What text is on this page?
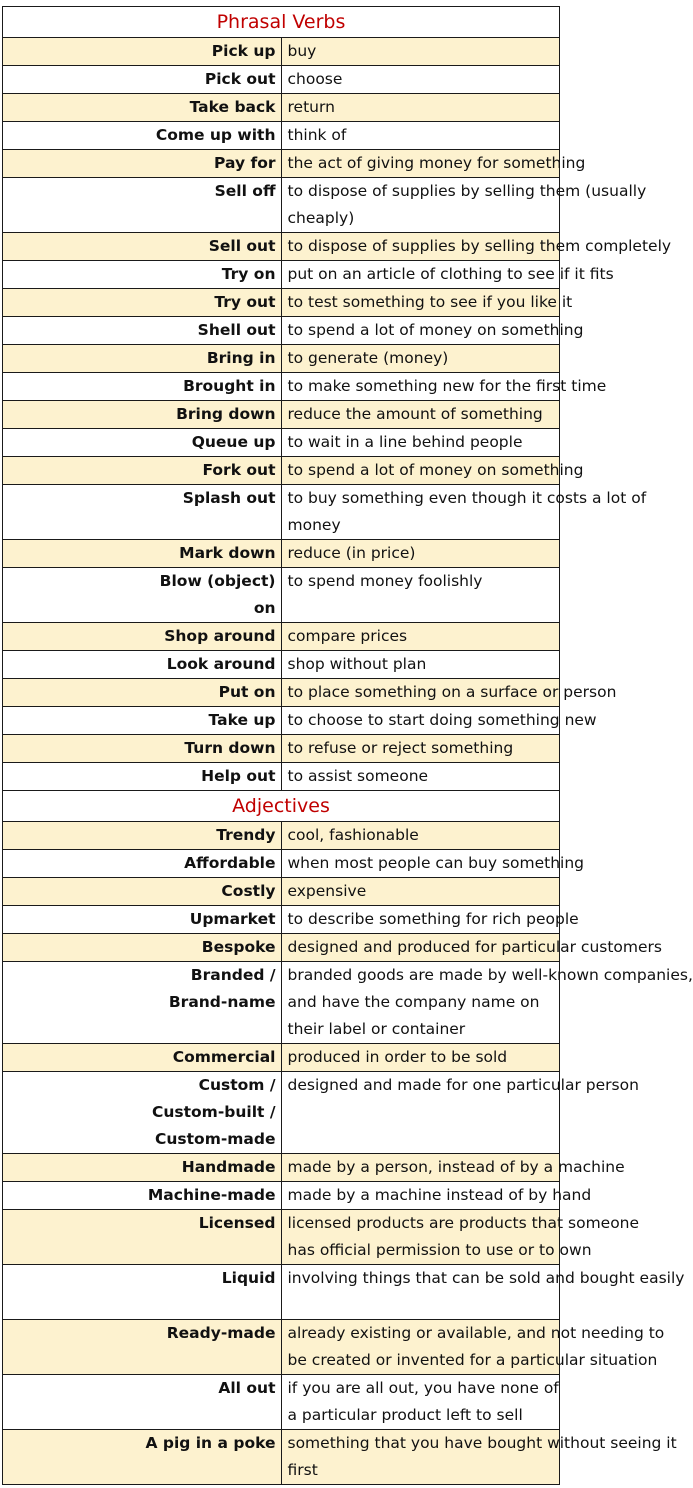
Phrasal Verbs	

Pick up	buy

Pick out	choose

Take back	return

Come up with	think of

Pay for	the act of giving money for something

Sell off	to dispose of supplies by selling them (usually
cheaply)

Sell out	to dispose of supplies by selling them completely

Try on	put on an article of clothing to see if it fits

Try out	to test something to see if you like it

Shell out	to spend a lot of money on something

Bring in	to generate (money)

Brought in	to make something new for the first time

Bring down	reduce the amount of something

Queue up	to wait in a line behind people

Fork out	to spend a lot of money on something

Splash out	to buy something even though it costs a lot of
money

Mark down	reduce (in price)

Blow (object)
on	to spend money foolishly

Shop around	compare prices

Look around	shop without plan

Put on	to place something on a surface or person

Take up	to choose to start doing something new

Turn down	to refuse or reject something

Help out	to assist someone

Adjectives	

Trendy	cool, fashionable

Affordable	when most people can buy something

Costly	expensive

Upmarket	to describe something for rich people

Bespoke	designed and produced for particular customers

Branded /
Brand-name	branded goods are made by well-known companies,
and have the company name on
their label or container

Commercial	produced in order to be sold

Custom /
Custom-built /
Custom-made	designed and made for one particular person

Handmade	made by a person, instead of by a machine

Machine-made	made by a machine instead of by hand

Licensed	licensed products are products that someone
has official permission to use or to own

Liquid	involving things that can be sold and bought easily

Ready-made	already existing or available, and not needing to
be created or invented for a particular situation

All out	if you are all out, you have none of
a particular product left to sell

A pig in a poke	something that you have bought without seeing it
first
